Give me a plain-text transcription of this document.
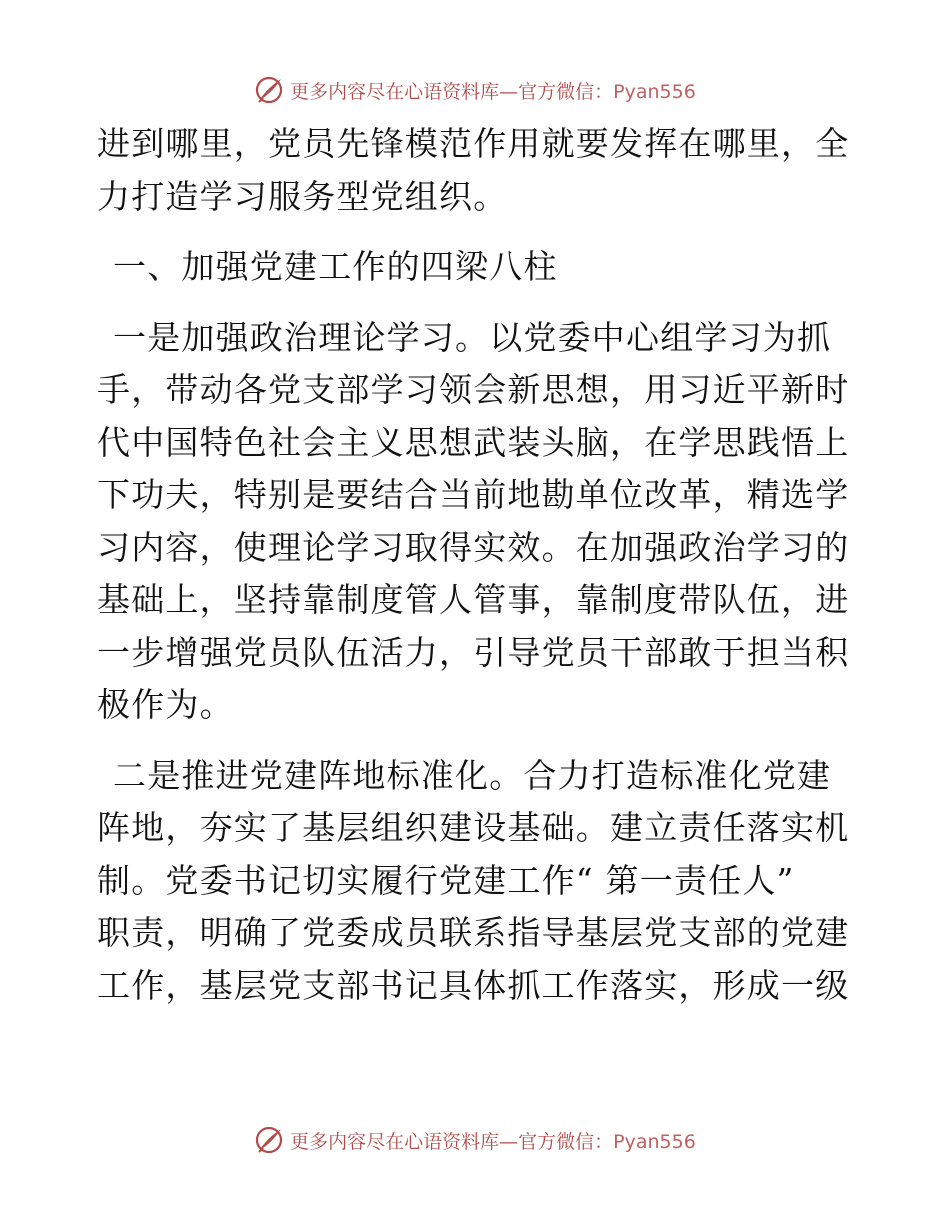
更多内容尽在心语资料库—官方微信：Pyan556
进到哪里，党员先锋模范作用就要发挥在哪里，全
力打造学习服务型党组织。
一、加强党建工作的四梁八柱
一是加强政治理论学习。以党委中心组学习为抓
手，带动各党支部学习领会新思想，用习近平新时
代中国特色社会主义思想武装头脑，在学思践悟上
下功夫，特别是要结合当前地勘单位改革，精选学
习内容，使理论学习取得实效。在加强政治学习的
基础上，坚持靠制度管人管事，靠制度带队伍，进
一步增强党员队伍活力，引导党员干部敢于担当积
极作为。
二是推进党建阵地标准化。合力打造标准化党建
阵地，夯实了基层组织建设基础。建立责任落实机
制。党委书记切实履行党建工作“ 第一责任人”
职责，明确了党委成员联系指导基层党支部的党建
工作，基层党支部书记具体抓工作落实，形成一级
更多内容尽在心语资料库—官方微信：Pyan556
